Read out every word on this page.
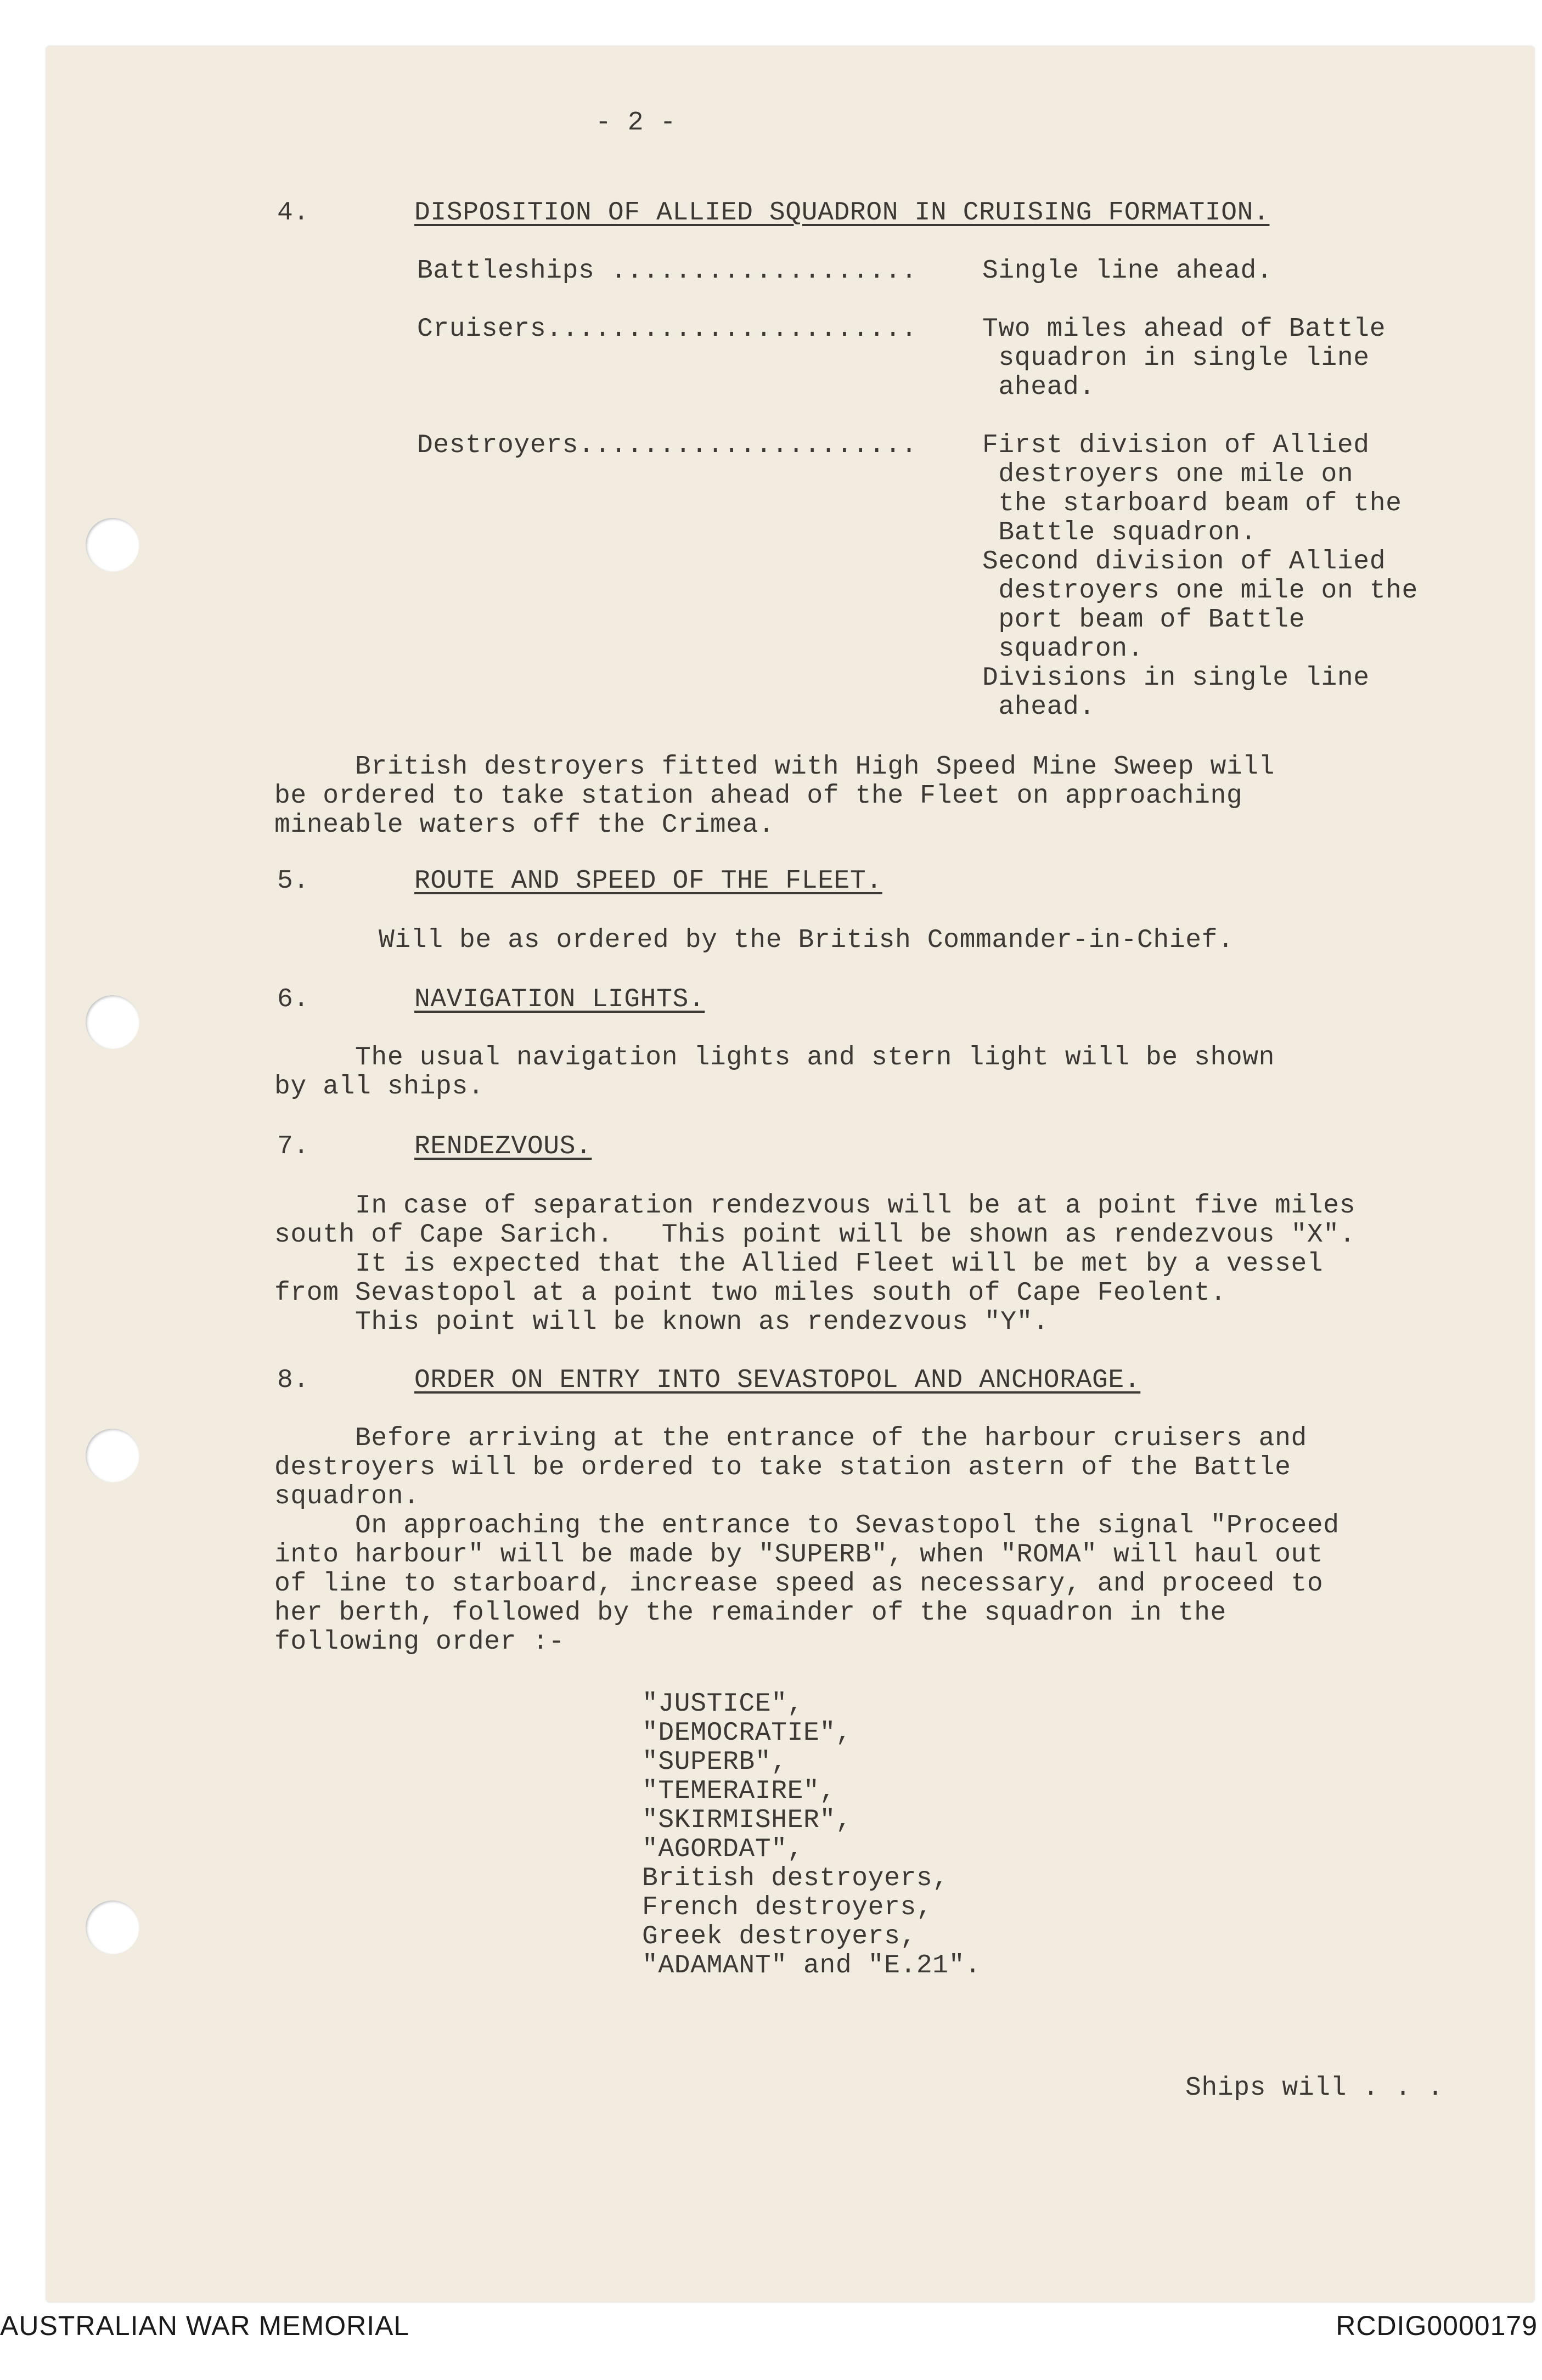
- 2 -
4.	DISPOSITION OF ALLIED SQUADRON IN CRUISING FORMATION.
Battleships ................... Single line ahead.
Cruisers....................... Two miles ahead of Battle
squadron in single line
ahead.
Destroyers..................... First division of Allied
destroyers one mile on
the starboard beam of the
Battle squadron.
Second division of Allied
destroyers one mile on the
port beam of Battle
squadron.
Divisions in single line
ahead.
British destroyers fitted with High Speed Mine Sweep will
be ordered to take station ahead of the Fleet on approaching
mineable waters off the Crimea.
5.	ROUTE AND SPEED OF THE FLEET.
Will be as ordered by the British Commander-in-Chief.
6.	NAVIGATION LIGHTS.
The usual navigation lights and stern light will be shown
by all ships.
7.	RENDEZVOUS.
In case of separation rendezvous will be at a point five miles
south of Cape Sarich.   This point will be shown as rendezvous "X".
It is expected that the Allied Fleet will be met by a vessel
from Sevastopol at a point two miles south of Cape Feolent.
This point will be known as rendezvous "Y".
8.	ORDER ON ENTRY INTO SEVASTOPOL AND ANCHORAGE.
Before arriving at the entrance of the harbour cruisers and
destroyers will be ordered to take station astern of the Battle
squadron.
On approaching the entrance to Sevastopol the signal "Proceed
into harbour" will be made by "SUPERB", when "ROMA" will haul out
of line to starboard, increase speed as necessary, and proceed to
her berth, followed by the remainder of the squadron in the
following order :-
"JUSTICE",
"DEMOCRATIE",
"SUPERB",
"TEMERAIRE",
"SKIRMISHER",
"AGORDAT",
British destroyers,
French destroyers,
Greek destroyers,
"ADAMANT" and "E.21".
Ships will . . .
AUSTRALIAN WAR MEMORIAL	RCDIG0000179
